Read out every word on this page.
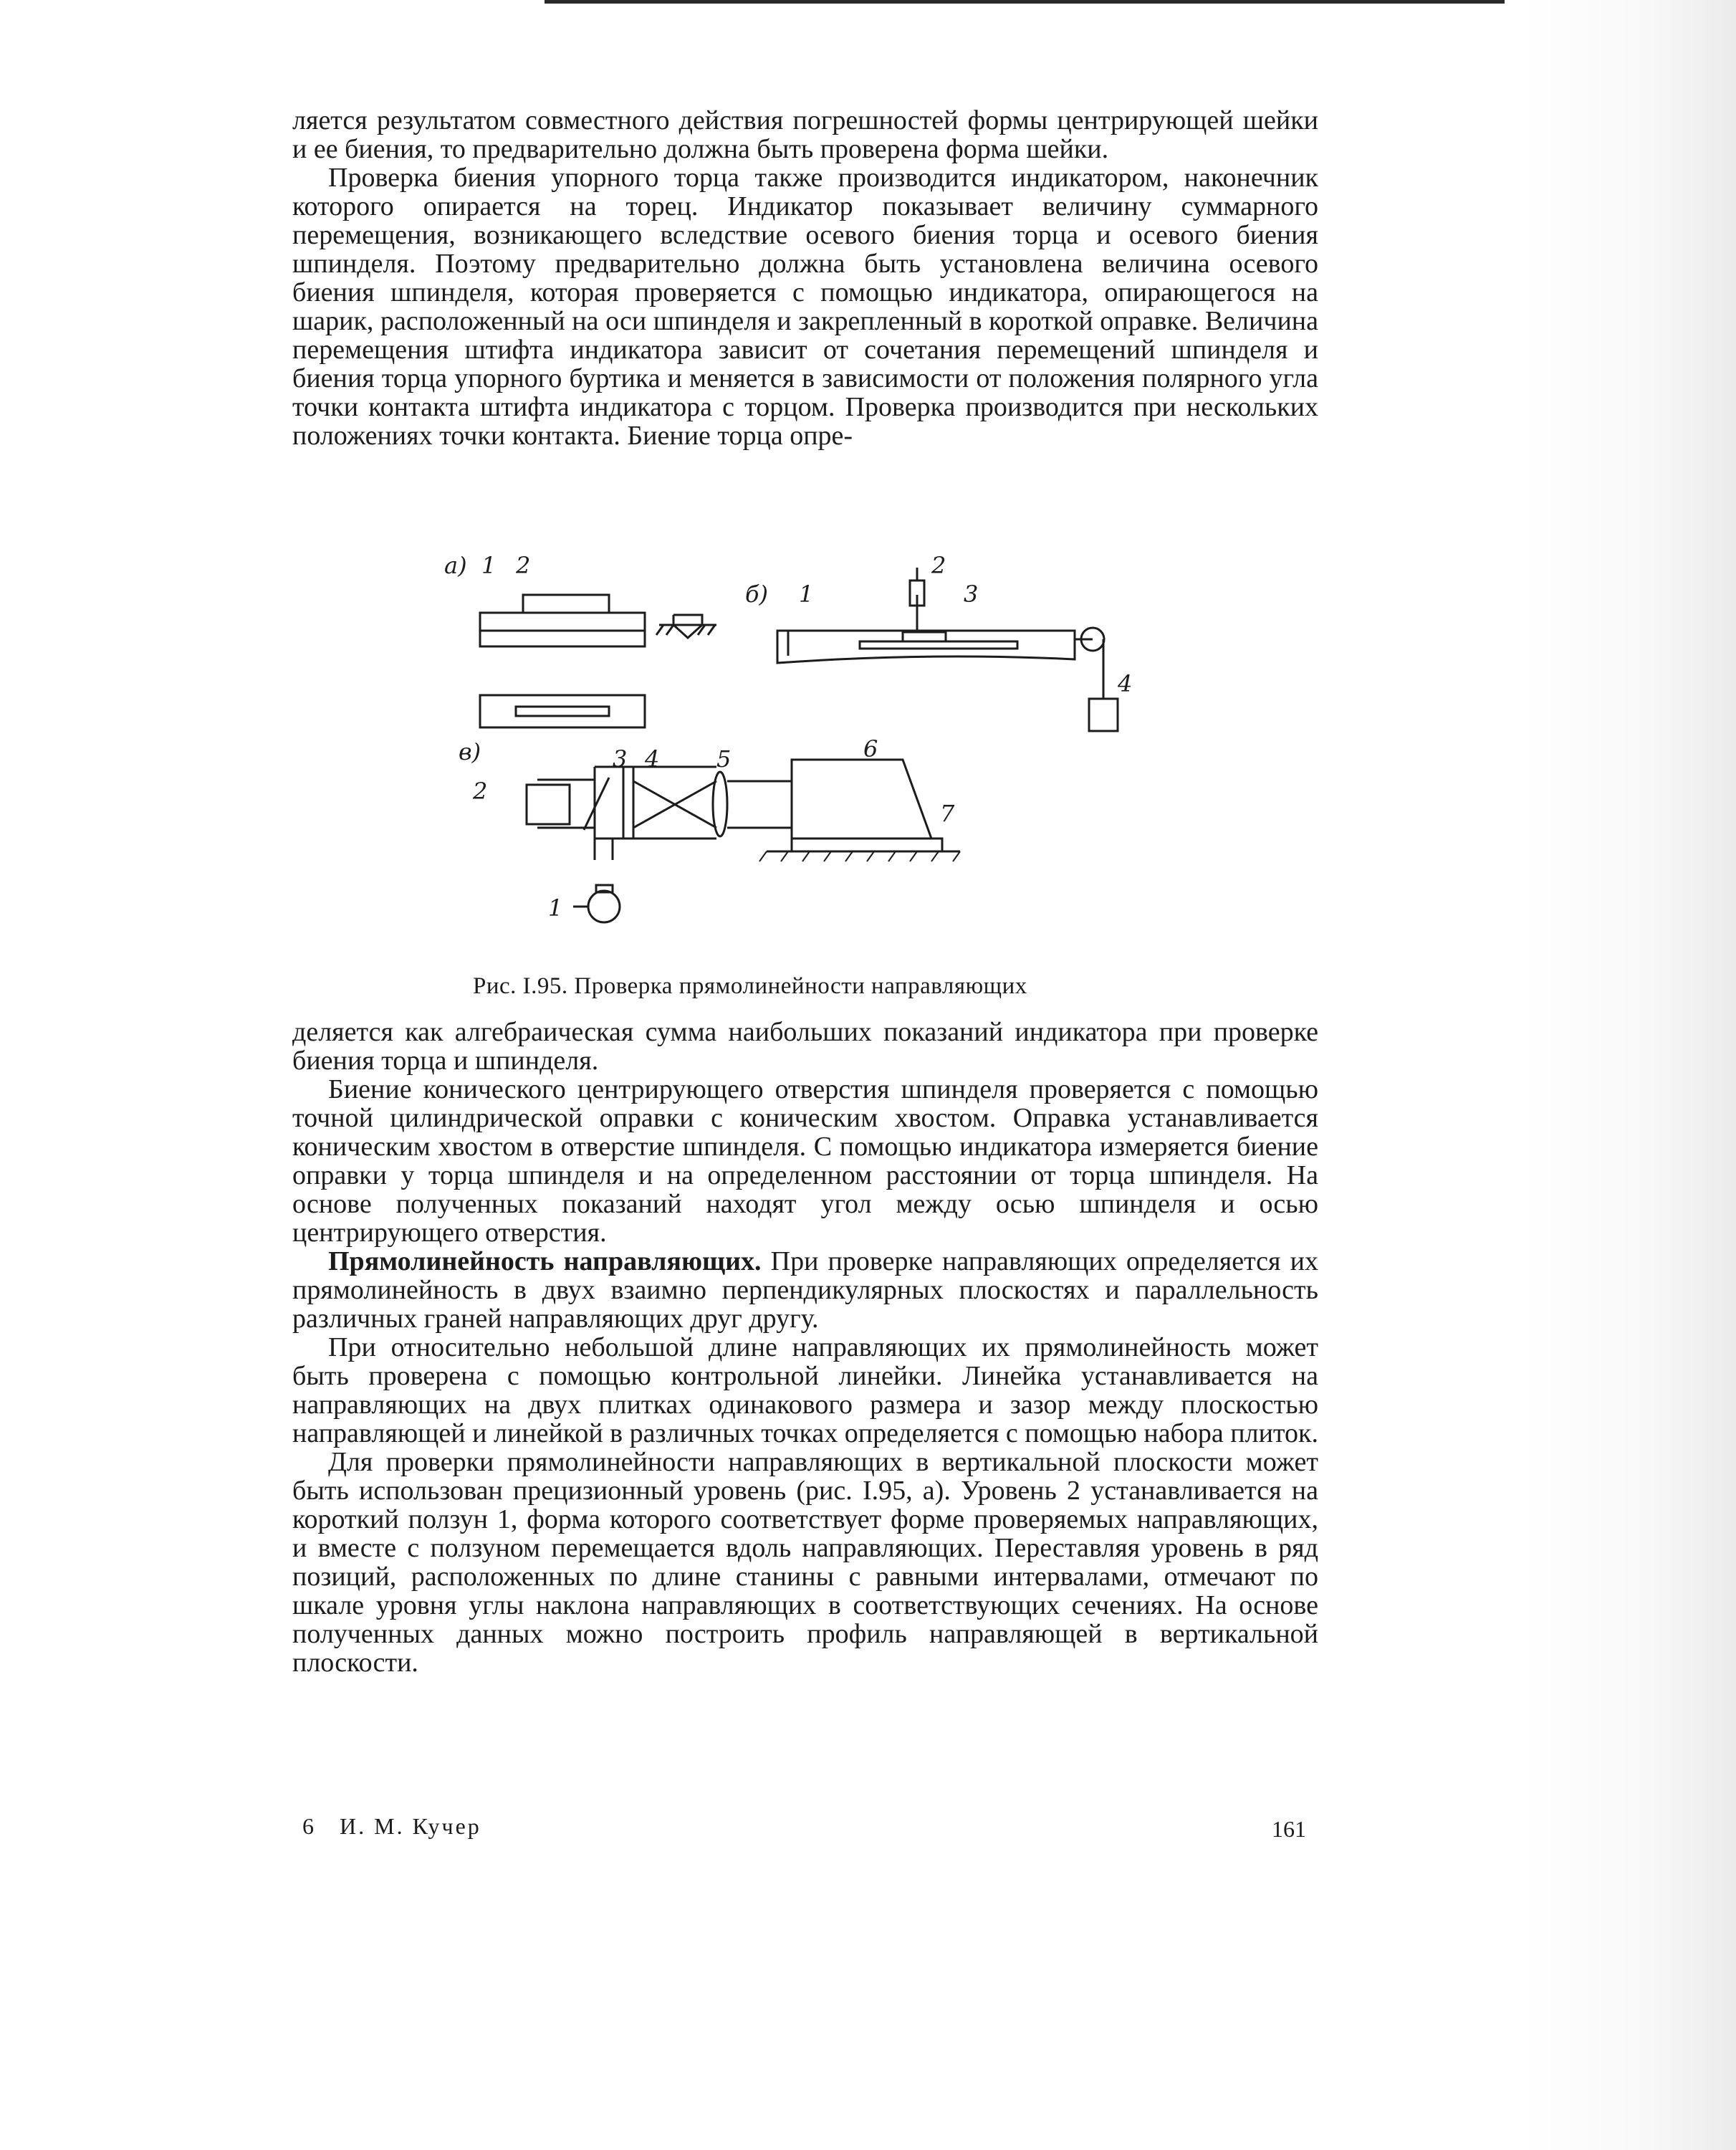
ляется результатом совместного действия погрешностей формы центрирующей шейки и ее биения, то предварительно должна быть проверена форма шейки.

Проверка биения упорного торца также производится индикатором, наконечник которого опирается на торец. Индикатор показывает величину суммарного перемещения, возникающего вследствие осевого биения торца и осевого биения шпинделя. Поэтому предварительно должна быть установлена величина осевого биения шпинделя, которая проверяется с помощью индикатора, опирающегося на шарик, расположенный на оси шпинделя и закрепленный в короткой оправке. Величина перемещения штифта индикатора зависит от сочетания перемещений шпинделя и биения торца упорного буртика и меняется в зависимости от положения полярного угла точки контакта штифта индикатора с торцом. Проверка производится при нескольких положениях точки контакта. Биение торца опре-

а) 1 2
б) 1
2
3
4
в)
2
3 4 5	6
7
1
Рис. I.95. Проверка прямолинейности направляющих

деляется как алгебраическая сумма наибольших показаний индикатора при проверке биения торца и шпинделя.

Биение конического центрирующего отверстия шпинделя проверяется с помощью точной цилиндрической оправки с коническим хвостом. Оправка устанавливается коническим хвостом в отверстие шпинделя. С помощью индикатора измеряется биение оправки у торца шпинделя и на определенном расстоянии от торца шпинделя. На основе полученных показаний находят угол между осью шпинделя и осью центрирующего отверстия.

Прямолинейность направляющих. При проверке направляющих определяется их прямолинейность в двух взаимно перпендикулярных плоскостях и параллельность различных граней направляющих друг другу.

При относительно небольшой длине направляющих их прямолинейность может быть проверена с помощью контрольной линейки. Линейка устанавливается на направляющих на двух плитках одинакового размера и зазор между плоскостью направляющей и линейкой в различных точках определяется с помощью набора плиток.

Для проверки прямолинейности направляющих в вертикальной плоскости может быть использован прецизионный уровень (рис. I.95, а). Уровень 2 устанавливается на короткий ползун 1, форма которого соответствует форме проверяемых направляющих, и вместе с ползуном перемещается вдоль направляющих. Переставляя уровень в ряд позиций, расположенных по длине станины с равными интервалами, отмечают по шкале уровня углы наклона направляющих в соответствующих сечениях. На основе полученных данных можно построить профиль направляющей в вертикальной плоскости.

6 И. М. Кучер	161
